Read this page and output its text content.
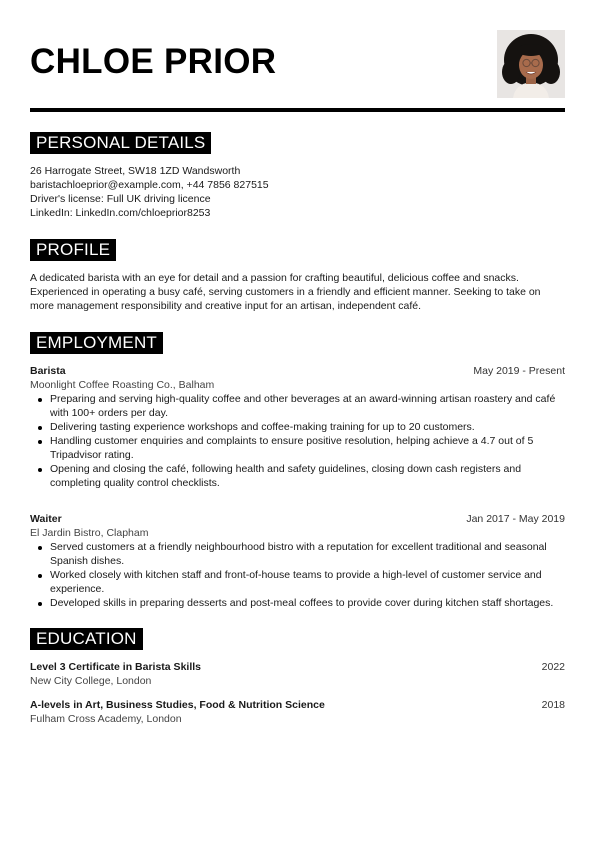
CHLOE PRIOR
PERSONAL DETAILS
26 Harrogate Street, SW18 1ZD Wandsworth
baristachloeprior@example.com, +44 7856 827515
Driver's license: Full UK driving licence
LinkedIn: LinkedIn.com/chloeprior8253
PROFILE
A dedicated barista with an eye for detail and a passion for crafting beautiful, delicious coffee and snacks. Experienced in operating a busy café, serving customers in a friendly and efficient manner. Seeking to take on more management responsibility and creative input for an artisan, independent café.
EMPLOYMENT
Barista	May 2019 - Present
Moonlight Coffee Roasting Co., Balham
Preparing and serving high-quality coffee and other beverages at an award-winning artisan roastery and café with 100+ orders per day.
Delivering tasting experience workshops and coffee-making training for up to 20 customers.
Handling customer enquiries and complaints to ensure positive resolution, helping achieve a 4.7 out of 5 Tripadvisor rating.
Opening and closing the café, following health and safety guidelines, closing down cash registers and completing quality control checklists.
Waiter	Jan 2017 - May 2019
El Jardin Bistro, Clapham
Served customers at a friendly neighbourhood bistro with a reputation for excellent traditional and seasonal Spanish dishes.
Worked closely with kitchen staff and front-of-house teams to provide a high-level of customer service and experience.
Developed skills in preparing desserts and post-meal coffees to provide cover during kitchen staff shortages.
EDUCATION
Level 3 Certificate in Barista Skills	2022
New City College, London
A-levels in Art, Business Studies, Food & Nutrition Science	2018
Fulham Cross Academy, London
